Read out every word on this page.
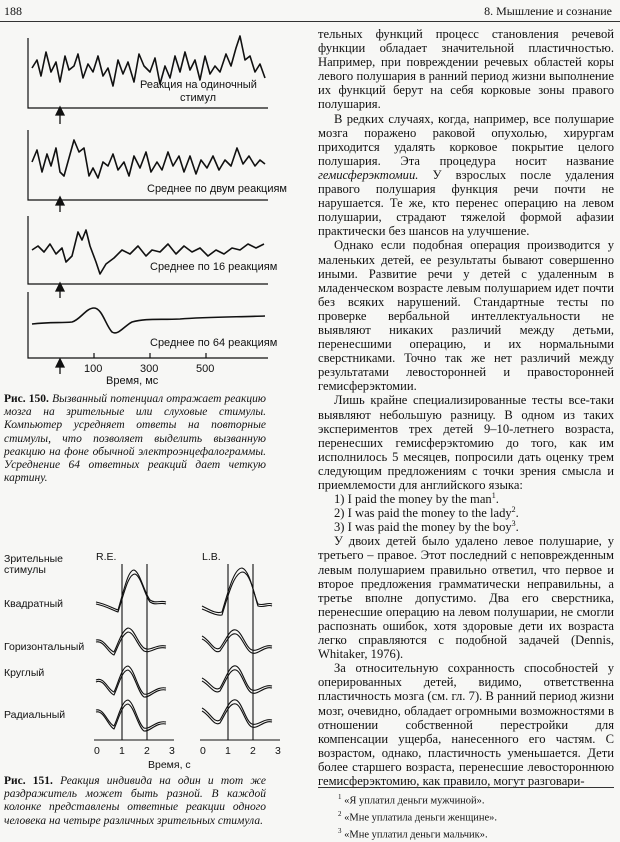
188	8. Мышление и сознание
Реакция на одиночный
стимул
Среднее по двум реакциям
Среднее по 16 реакциям
Среднее по 64 реакциям
100	300	500
Время, мс
Рис. 150. Вызванный потенциал отражает реакцию мозга на зрительные или слуховые стимулы. Компьютер усредняет ответы на повторные стимулы, что позволяет выделить вызванную реакцию на фоне обычной электроэнцефалограммы. Усреднение 64 ответных реакций дает четкую картину.
Зрительные
стимулы
R.E.	L.B.
Квадратный
Горизонтальный
Круглый
Радиальный
0 1 2 3 0 1 2 3
Время, с
Рис. 151. Реакция индивида на один и тот же раздражитель может быть разной. В каждой колонке представлены ответные реакции одного человека на четыре различных зрительных стимула.

тельных функций процесс становления речевой функции обладает значительной пластичностью. Например, при повреждении речевых областей коры левого полушария в ранний период жизни выполнение их функций берут на себя корковые зоны правого полушария.

В редких случаях, когда, например, все полушарие мозга поражено раковой опухолью, хирургам приходится удалять корковое покрытие целого полушария. Эта процедура носит название гемисферэктомии. У взрослых после удаления правого полушария функция речи почти не нарушается. Те же, кто перенес операцию на левом полушарии, страдают тяжелой формой афазии практически без шансов на улучшение.

Однако если подобная операция производится у маленьких детей, ее результаты бывают совершенно иными. Развитие речи у детей с удаленным в младенческом возрасте левым полушарием идет почти без всяких нарушений. Стандартные тесты по проверке вербальной интеллектуальности не выявляют никаких различий между детьми, перенесшими операцию, и их нормальными сверстниками. Точно так же нет различий между результатами левосторонней и правосторонней гемисферэктомии.

Лишь крайне специализированные тесты все-таки выявляют небольшую разницу. В одном из таких экспериментов трех детей 9–10-летнего возраста, перенесших гемисферэктомию до того, как им исполнилось 5 месяцев, попросили дать оценку трем следующим предложениям с точки зрения смысла и приемлемости для английского языка:

1) I paid the money by the man$^1$.

2) I was paid the money to the lady$^2$.

3) I was paid the money by the boy$^3$.

У двоих детей было удалено левое полушарие, у третьего – правое. Этот последний с неповрежденным левым полушарием правильно ответил, что первое и второе предложения грамматически неправильны, а третье вполне допустимо. Два его сверстника, перенесшие операцию на левом полушарии, не смогли распознать ошибок, хотя здоровые дети их возраста легко справляются с подобной задачей (Dennis, Whitaker, 1976).

За относительную сохранность способностей у оперированных детей, видимо, ответственна пластичность мозга (см. гл. 7). В ранний период жизни мозг, очевидно, обладает огромными возможностями в отношении собственной перестройки для компенсации ущерба, нанесенного его частям. С возрастом, однако, пластичность уменьшается. Дети более старшего возраста, перенесшие левостороннюю гемисферэктомию, как правило, могут разговари-

$^1$ «Я уплатил деньги мужчиной».
$^2$ «Мне уплатила деньги женщине».
$^3$ «Мне уплатил деньги мальчик».
